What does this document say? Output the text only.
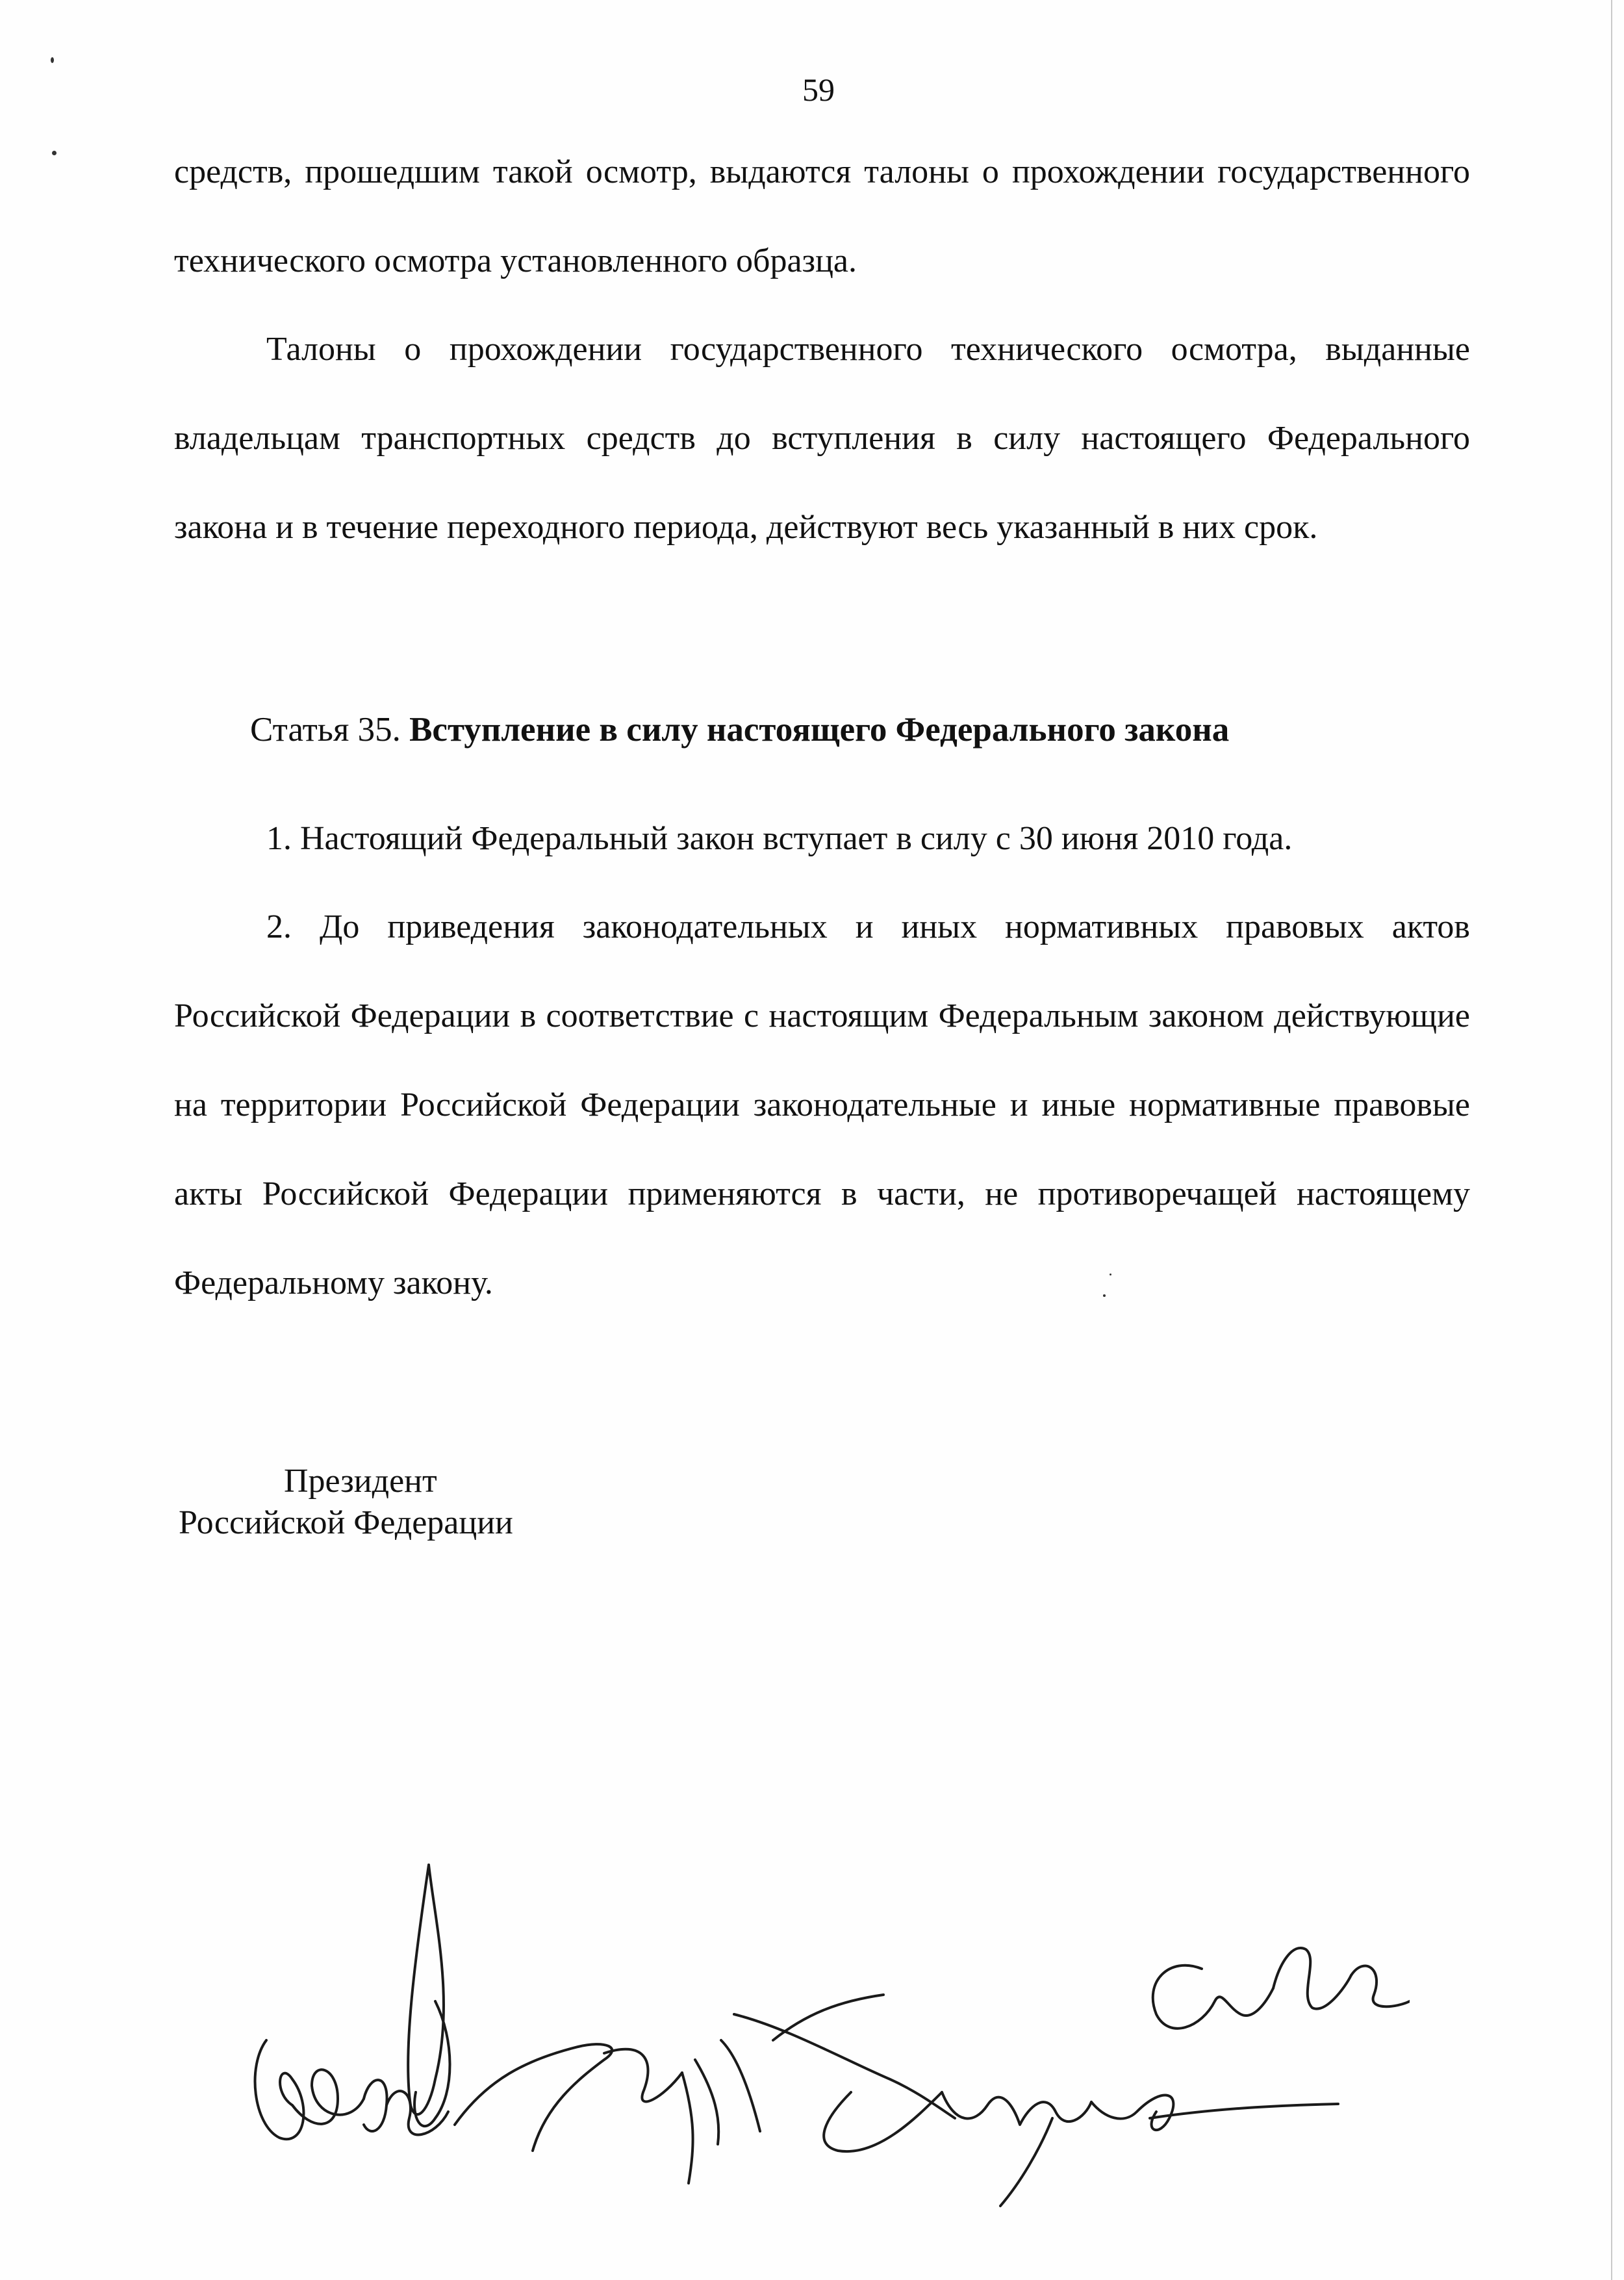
59

средств, прошедшим такой осмотр, выдаются талоны о прохождении государственного технического осмотра установленного образца.

Талоны о прохождении государственного технического осмотра, выданные владельцам транспортных средств до вступления в силу настоящего Федерального закона и в течение переходного периода, действуют весь указанный в них срок.

Статья 35. Вступление в силу настоящего Федерального закона

1. Настоящий Федеральный закон вступает в силу с 30 июня 2010 года.

2. До приведения законодательных и иных нормативных правовых актов Российской Федерации в соответствие с настоящим Федеральным законом действующие на территории Российской Федерации законодательные и иные нормативные правовые акты Российской Федерации применяются в части, не противоречащей настоящему Федеральному закону.

Президент
Российской Федерации
